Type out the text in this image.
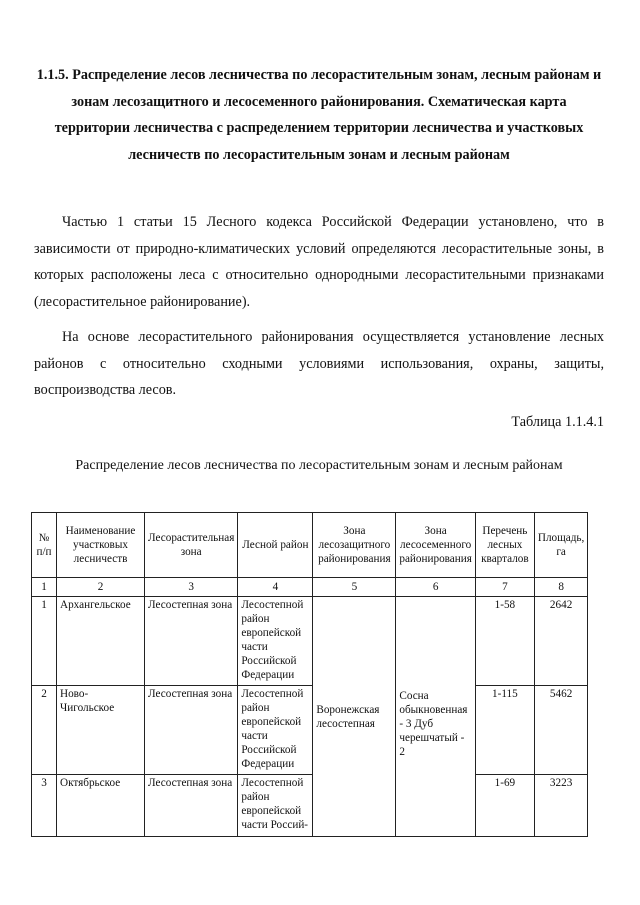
1.1.5. Распределение лесов лесничества по лесорастительным зонам, лесным районам и зонам лесозащитного и лесосеменного районирования. Схематическая карта территории лесничества с распределением территории лесничества и участковых лесничеств по лесорастительным зонам и лесным районам

Частью 1 статьи 15 Лесного кодекса Российской Федерации установлено, что в зависимости от природно-климатических условий определяются лесорастительные зоны, в которых расположены леса с относительно однородными лесорастительными признаками (лесорастительное районирование).

На основе лесорастительного районирования осуществляется установление лесных районов с относительно сходными условиями использования, охраны, защиты, воспроизводства лесов.

Таблица 1.1.4.1

Распределение лесов лесничества по лесорастительным зонам и лесным районам

№ п/п	Наименование участковых лесничеств	Лесорастительная зона	Лесной район	Зона лесозащитного районирования	Зона лесосеменного районирования	Перечень лесных кварталов	Площадь, га
1	2	3	4	5	6	7	8
1	Архангельское	Лесостепная зона	Лесостепной район европейской части Российской Федерации	Воронежская лесостепная	Сосна обыкновенная - 3 Дуб черешчатый - 2	1-58	2642
2	Ново-Чигольское	Лесостепная зона	Лесостепной район европейской части Российской Федерации			1-115	5462
3	Октябрьское	Лесостепная зона	Лесостепной район европейской части Россий-			1-69	3223
